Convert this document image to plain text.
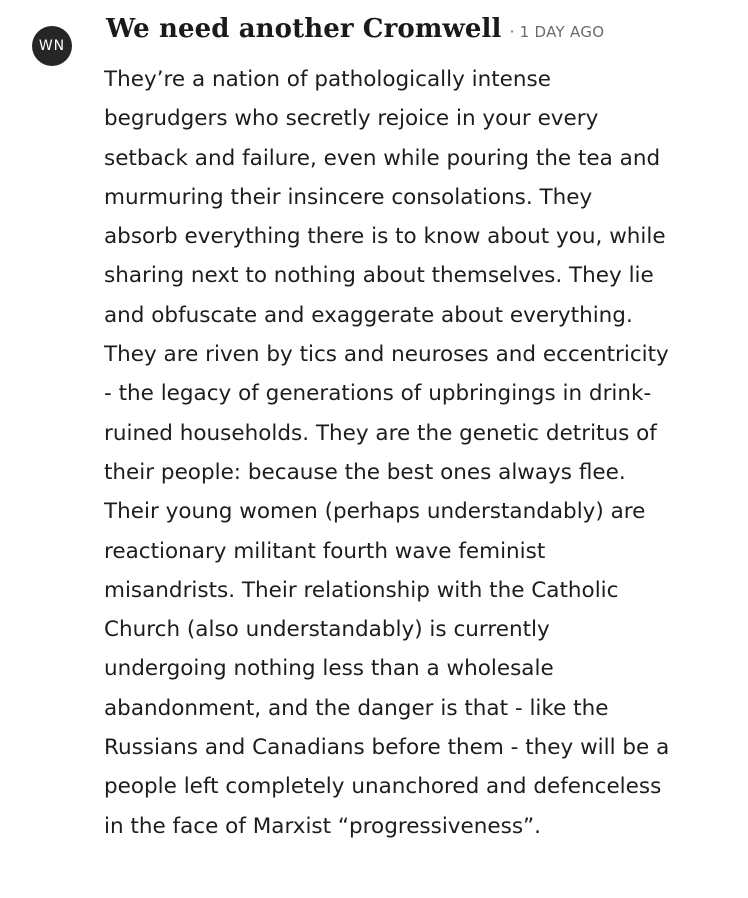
WN
We need another Cromwell · 1 DAY AGO
They’re a nation of pathologically intense
begrudgers who secretly rejoice in your every
setback and failure, even while pouring the tea and
murmuring their insincere consolations. They
absorb everything there is to know about you, while
sharing next to nothing about themselves. They lie
and obfuscate and exaggerate about everything.
They are riven by tics and neuroses and eccentricity
- the legacy of generations of upbringings in drink-
ruined households. They are the genetic detritus of
their people: because the best ones always flee.
Their young women (perhaps understandably) are
reactionary militant fourth wave feminist
misandrists. Their relationship with the Catholic
Church (also understandably) is currently
undergoing nothing less than a wholesale
abandonment, and the danger is that - like the
Russians and Canadians before them - they will be a
people left completely unanchored and defenceless
in the face of Marxist “progressiveness”.
